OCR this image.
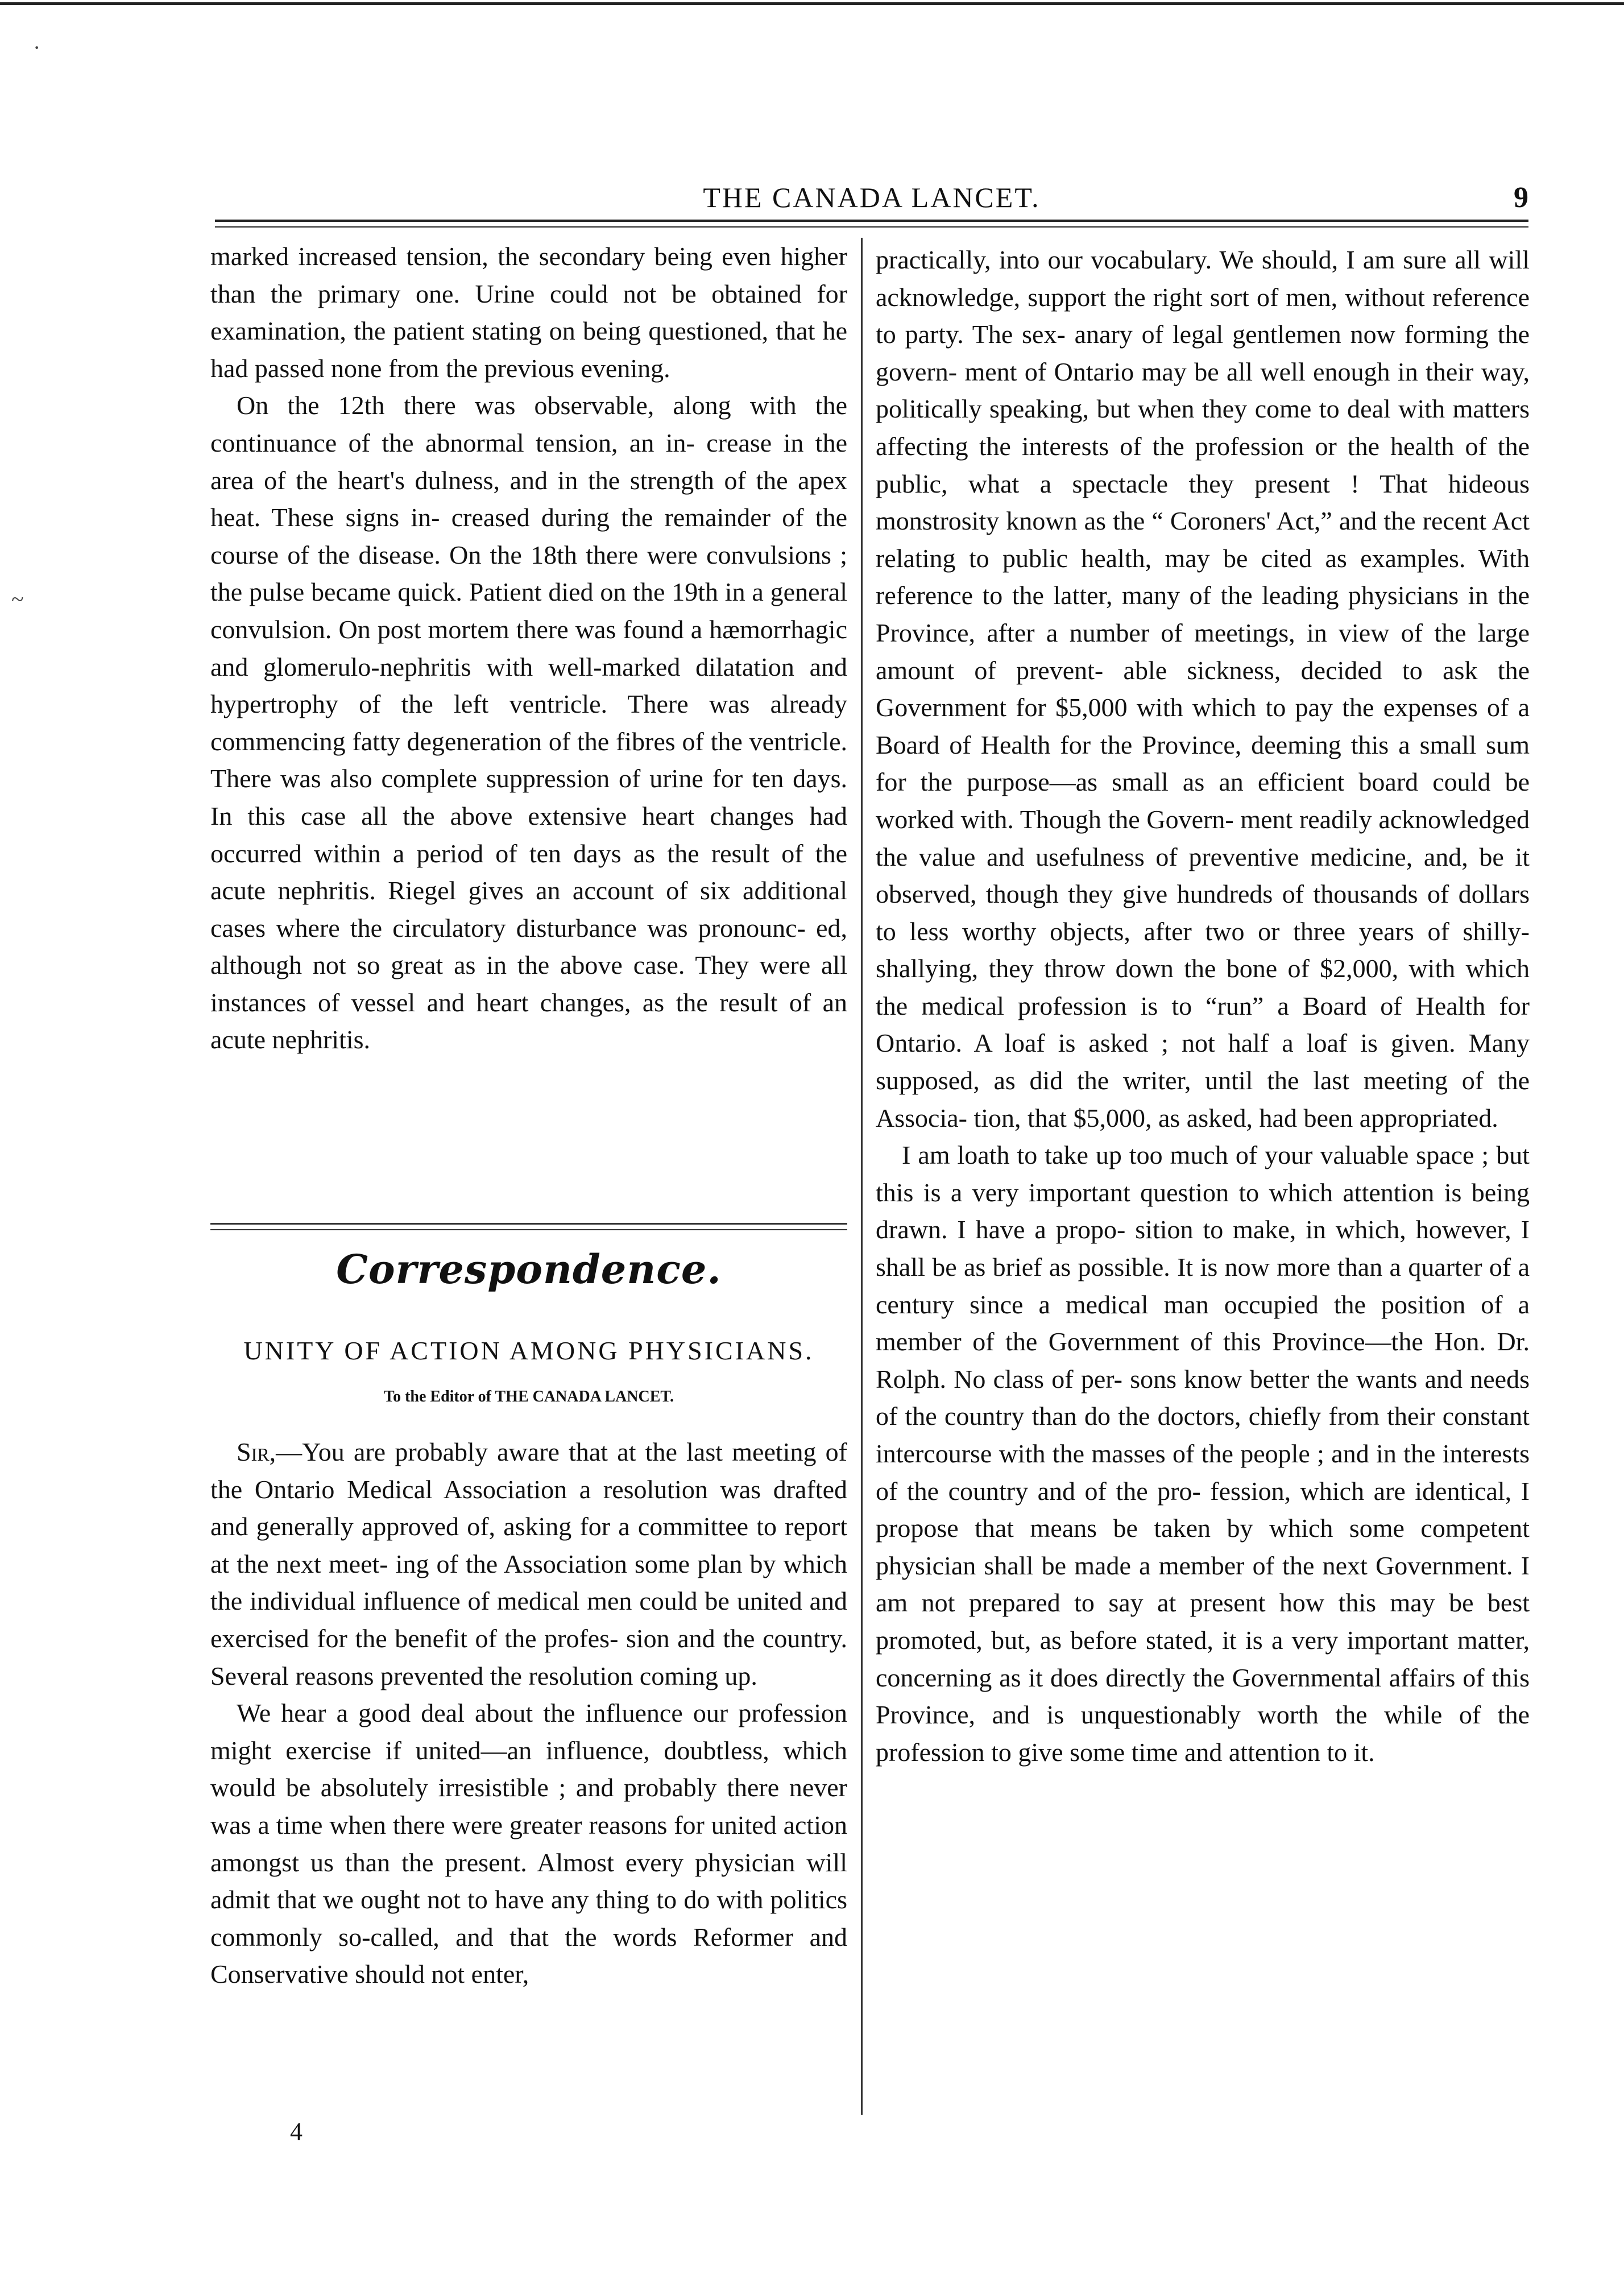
·
~
THE CANADA LANCET.	9

marked increased tension, the secondary being even higher than the primary one. Urine could not be obtained for examination, the patient stating on being questioned, that he had passed none from the previous evening.

On the 12th there was observable, along with the continuance of the abnormal tension, an in- crease in the area of the heart's dulness, and in the strength of the apex heat. These signs in- creased during the remainder of the course of the disease. On the 18th there were convulsions ; the pulse became quick. Patient died on the 19th in a general convulsion. On post mortem there was found a hæmorrhagic and glomerulo-nephritis with well-marked dilatation and hypertrophy of the left ventricle. There was already commencing fatty degeneration of the fibres of the ventricle. There was also complete suppression of urine for ten days. In this case all the above extensive heart changes had occurred within a period of ten days as the result of the acute nephritis. Riegel gives an account of six additional cases where the circulatory disturbance was pronounc- ed, although not so great as in the above case. They were all instances of vessel and heart changes, as the result of an acute nephritis.

Correspondence.
UNITY OF ACTION AMONG PHYSICIANS.
To the Editor of THE CANADA LANCET.

Sir,—You are probably aware that at the last meeting of the Ontario Medical Association a resolution was drafted and generally approved of, asking for a committee to report at the next meet- ing of the Association some plan by which the individual influence of medical men could be united and exercised for the benefit of the profes- sion and the country. Several reasons prevented the resolution coming up.

We hear a good deal about the influence our profession might exercise if united—an influence, doubtless, which would be absolutely irresistible ; and probably there never was a time when there were greater reasons for united action amongst us than the present. Almost every physician will admit that we ought not to have any thing to do with politics commonly so-called, and that the words Reformer and Conservative should not enter,

practically, into our vocabulary. We should, I am sure all will acknowledge, support the right sort of men, without reference to party. The sex- anary of legal gentlemen now forming the govern- ment of Ontario may be all well enough in their way, politically speaking, but when they come to deal with matters affecting the interests of the profession or the health of the public, what a spectacle they present ! That hideous monstrosity known as the “ Coroners' Act,” and the recent Act relating to public health, may be cited as examples. With reference to the latter, many of the leading physicians in the Province, after a number of meetings, in view of the large amount of prevent- able sickness, decided to ask the Government for $5,000 with which to pay the expenses of a Board of Health for the Province, deeming this a small sum for the purpose—as small as an efficient board could be worked with. Though the Govern- ment readily acknowledged the value and usefulness of preventive medicine, and, be it observed, though they give hundreds of thousands of dollars to less worthy objects, after two or three years of shilly- shallying, they throw down the bone of $2,000, with which the medical profession is to “run” a Board of Health for Ontario. A loaf is asked ; not half a loaf is given. Many supposed, as did the writer, until the last meeting of the Associa- tion, that $5,000, as asked, had been appropriated.

I am loath to take up too much of your valuable space ; but this is a very important question to which attention is being drawn. I have a propo- sition to make, in which, however, I shall be as brief as possible. It is now more than a quarter of a century since a medical man occupied the position of a member of the Government of this Province—the Hon. Dr. Rolph. No class of per- sons know better the wants and needs of the country than do the doctors, chiefly from their constant intercourse with the masses of the people ; and in the interests of the country and of the pro- fession, which are identical, I propose that means be taken by which some competent physician shall be made a member of the next Government. I am not prepared to say at present how this may be best promoted, but, as before stated, it is a very important matter, concerning as it does directly the Governmental affairs of this Province, and is unquestionably worth the while of the profession to give some time and attention to it.

4
